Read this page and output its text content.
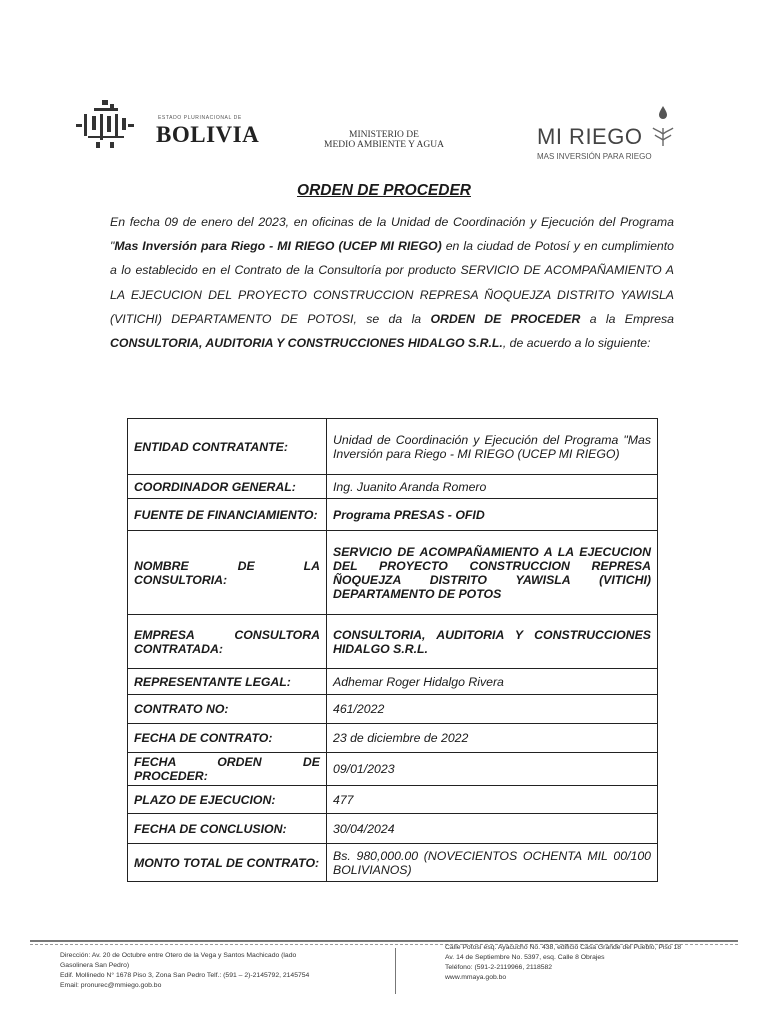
ESTADO PLURINACIONAL DE
BOLIVIA	MINISTERIO DE
MEDIO AMBIENTE Y AGUA	MI RIEGO
MAS INVERSIÓN PARA RIEGO
ORDEN DE PROCEDER
En fecha 09 de enero del 2023, en oficinas de la Unidad de Coordinación y Ejecución del Programa "Mas Inversión para Riego - MI RIEGO (UCEP MI RIEGO) en la ciudad de Potosí y en cumplimiento a lo establecido en el Contrato de la Consultoría por producto SERVICIO DE ACOMPAÑAMIENTO A LA EJECUCION DEL PROYECTO CONSTRUCCION REPRESA ÑOQUEJZA DISTRITO YAWISLA (VITICHI) DEPARTAMENTO DE POTOSI, se da la ORDEN DE PROCEDER a la Empresa CONSULTORIA, AUDITORIA Y CONSTRUCCIONES HIDALGO S.R.L., de acuerdo a lo siguiente:
ENTIDAD CONTRATANTE:	Unidad de Coordinación y Ejecución del Programa "Mas Inversión para Riego - MI RIEGO (UCEP MI RIEGO)
COORDINADOR GENERAL:	Ing. Juanito Aranda Romero
FUENTE DE FINANCIAMIENTO:	Programa PRESAS - OFID
NOMBRE DE LA CONSULTORIA:	SERVICIO DE ACOMPAÑAMIENTO A LA EJECUCION DEL PROYECTO CONSTRUCCION REPRESA ÑOQUEJZA DISTRITO YAWISLA (VITICHI) DEPARTAMENTO DE POTOS
EMPRESA CONSULTORA CONTRATADA:	CONSULTORIA, AUDITORIA Y CONSTRUCCIONES HIDALGO S.R.L.
REPRESENTANTE LEGAL:	Adhemar Roger Hidalgo Rivera
CONTRATO NO:	461/2022
FECHA DE CONTRATO:	23 de diciembre de 2022
FECHA ORDEN DE PROCEDER:	09/01/2023
PLAZO DE EJECUCION:	477
FECHA DE CONCLUSION:	30/04/2024
MONTO TOTAL DE CONTRATO:	Bs. 980,000.00 (NOVECIENTOS OCHENTA MIL 00/100 BOLIVIANOS)
Dirección: Av. 20 de Octubre entre Otero de la Vega y Santos Machicado (lado
Gasolinera San Pedro)
Edif. Mollinedo N° 1678 Piso 3, Zona San Pedro Telf.: (591 – 2)-2145792, 2145754
Email: pronurec@mmiego.gob.bo
Calle Potosí esq. Ayacucho No. 438, edificio Casa Grande del Pueblo, Piso 18
Av. 14 de Septiembre No. 5397, esq. Calle 8 Obrajes
Teléfono: (591-2-2119966, 2118582
www.mmaya.gob.bo
